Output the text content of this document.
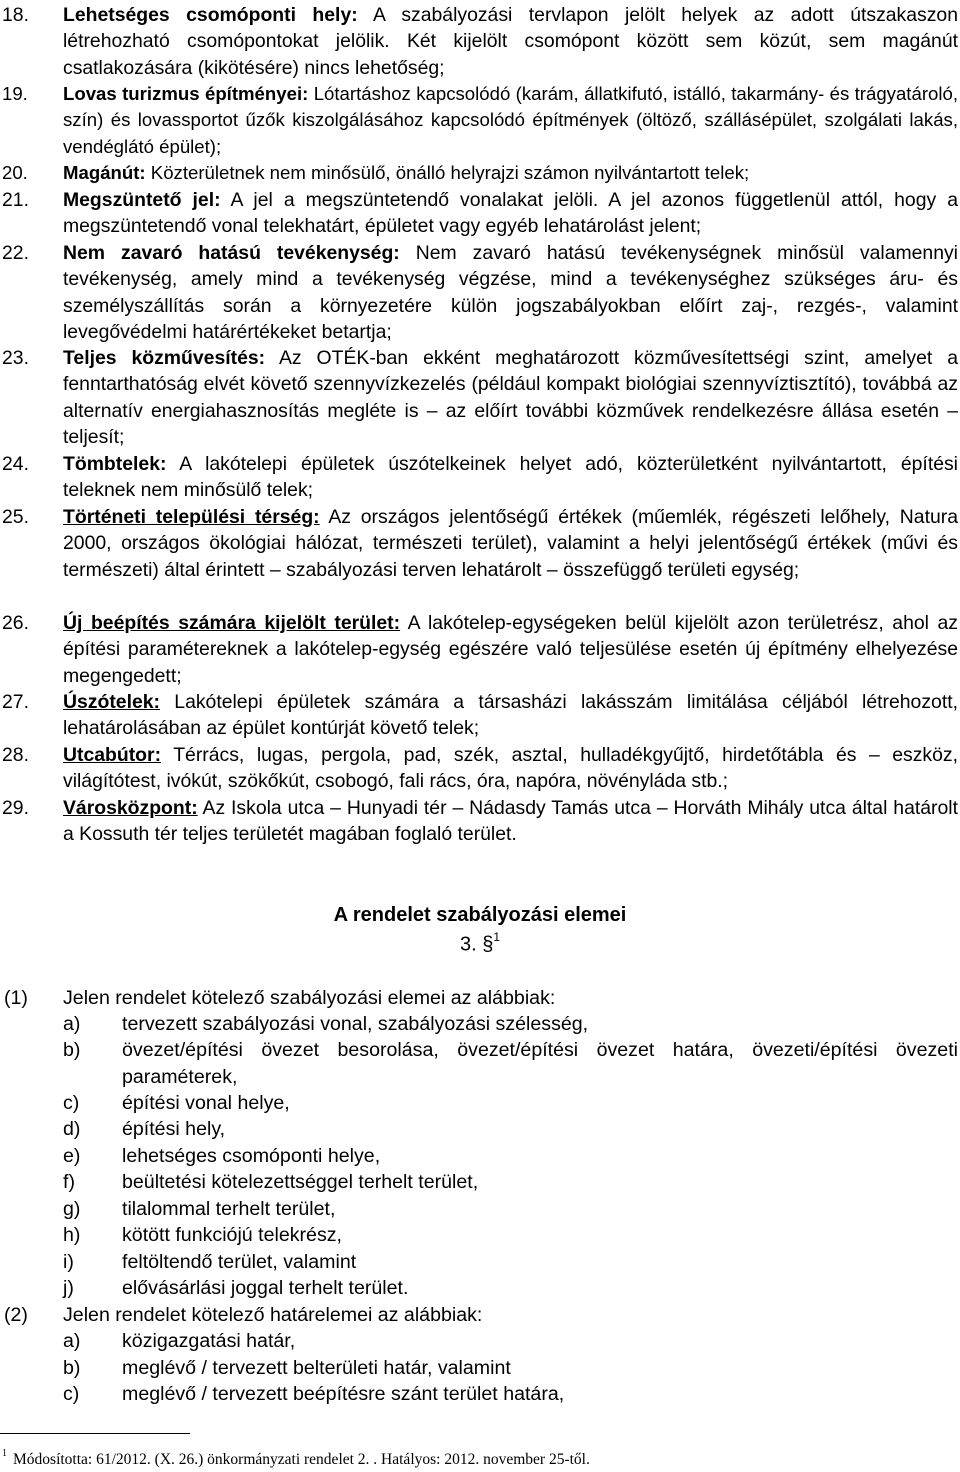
18. Lehetséges csomóponti hely: A szabályozási tervlapon jelölt helyek az adott útszakaszon létrehozható csomópontokat jelölik. Két kijelölt csomópont között sem közút, sem magánút csatlakozására (kikötésére) nincs lehetőség;
19. Lovas turizmus építményei: Lótartáshoz kapcsolódó (karám, állatkifutó, istálló, takarmány- és trágyatároló, szín) és lovassportot űzők kiszolgálásához kapcsolódó építmények (öltöző, szállásépület, szolgálati lakás, vendéglátó épület);
20. Magánút: Közterületnek nem minősülő, önálló helyrajzi számon nyilvántartott telek;
21. Megszüntető jel: A jel a megszüntetendő vonalakat jelöli. A jel azonos függetlenül attól, hogy a megszüntetendő vonal telekhatárt, épületet vagy egyéb lehatárolást jelent;
22. Nem zavaró hatású tevékenység: Nem zavaró hatású tevékenységnek minősül valamennyi tevékenység, amely mind a tevékenység végzése, mind a tevékenységhez szükséges áru- és személyszállítás során a környezetére külön jogszabályokban előírt zaj-, rezgés-, valamint levegővédelmi határértékeket betartja;
23. Teljes közművesítés: Az OTÉK-ban ekként meghatározott közművesítettségi szint, amelyet a fenntarthatóság elvét követő szennyvízkezelés (például kompakt biológiai szennyvíztisztító), továbbá az alternatív energiahasznosítás megléte is – az előírt további közművek rendelkezésre állása esetén – teljesít;
24. Tömbtelek: A lakótelepi épületek úszótelkeinek helyet adó, közterületként nyilvántartott, építési teleknek nem minősülő telek;
25. Történeti települési térség: Az országos jelentőségű értékek (műemlék, régészeti lelőhely, Natura 2000, országos ökológiai hálózat, természeti terület), valamint a helyi jelentőségű értékek (művi és természeti) által érintett – szabályozási terven lehatárolt – összefüggő területi egység;
26. Új beépítés számára kijelölt terület: A lakótelep-egységeken belül kijelölt azon területrész, ahol az építési paramétereknek a lakótelep-egység egészére való teljesülése esetén új építmény elhelyezése megengedett;
27. Úszótelek: Lakótelepi épületek számára a társasházi lakásszám limitálása céljából létrehozott, lehatárolásában az épület kontúrját követő telek;
28. Utcabútor: Térrács, lugas, pergola, pad, szék, asztal, hulladékgyűjtő, hirdetőtábla és – eszköz, világítótest, ivókút, szökőkút, csobogó, fali rács, óra, napóra, növényláda stb.;
29. Városközpont: Az Iskola utca – Hunyadi tér – Nádasdy Tamás utca – Horváth Mihály utca által határolt a Kossuth tér teljes területét magában foglaló terület.
A rendelet szabályozási elemei
3. §$^1$
(1) Jelen rendelet kötelező szabályozási elemei az alábbiak:
a) tervezett szabályozási vonal, szabályozási szélesség,
b) övezet/építési övezet besorolása, övezet/építési övezet határa, övezeti/építési övezeti paraméterek,
c) építési vonal helye,
d) építési hely,
e) lehetséges csomóponti helye,
f) beültetési kötelezettséggel terhelt terület,
g) tilalommal terhelt terület,
h) kötött funkciójú telekrész,
i) feltöltendő terület, valamint
j) elővásárlási joggal terhelt terület.
(2) Jelen rendelet kötelező határelemei az alábbiak:
a) közigazgatási határ,
b) meglévő / tervezett belterületi határ, valamint
c) meglévő / tervezett beépítésre szánt terület határa,
$^1$ Módosította: 61/2012. (X. 26.) önkormányzati rendelet 2. . Hatályos: 2012. november 25-től.
